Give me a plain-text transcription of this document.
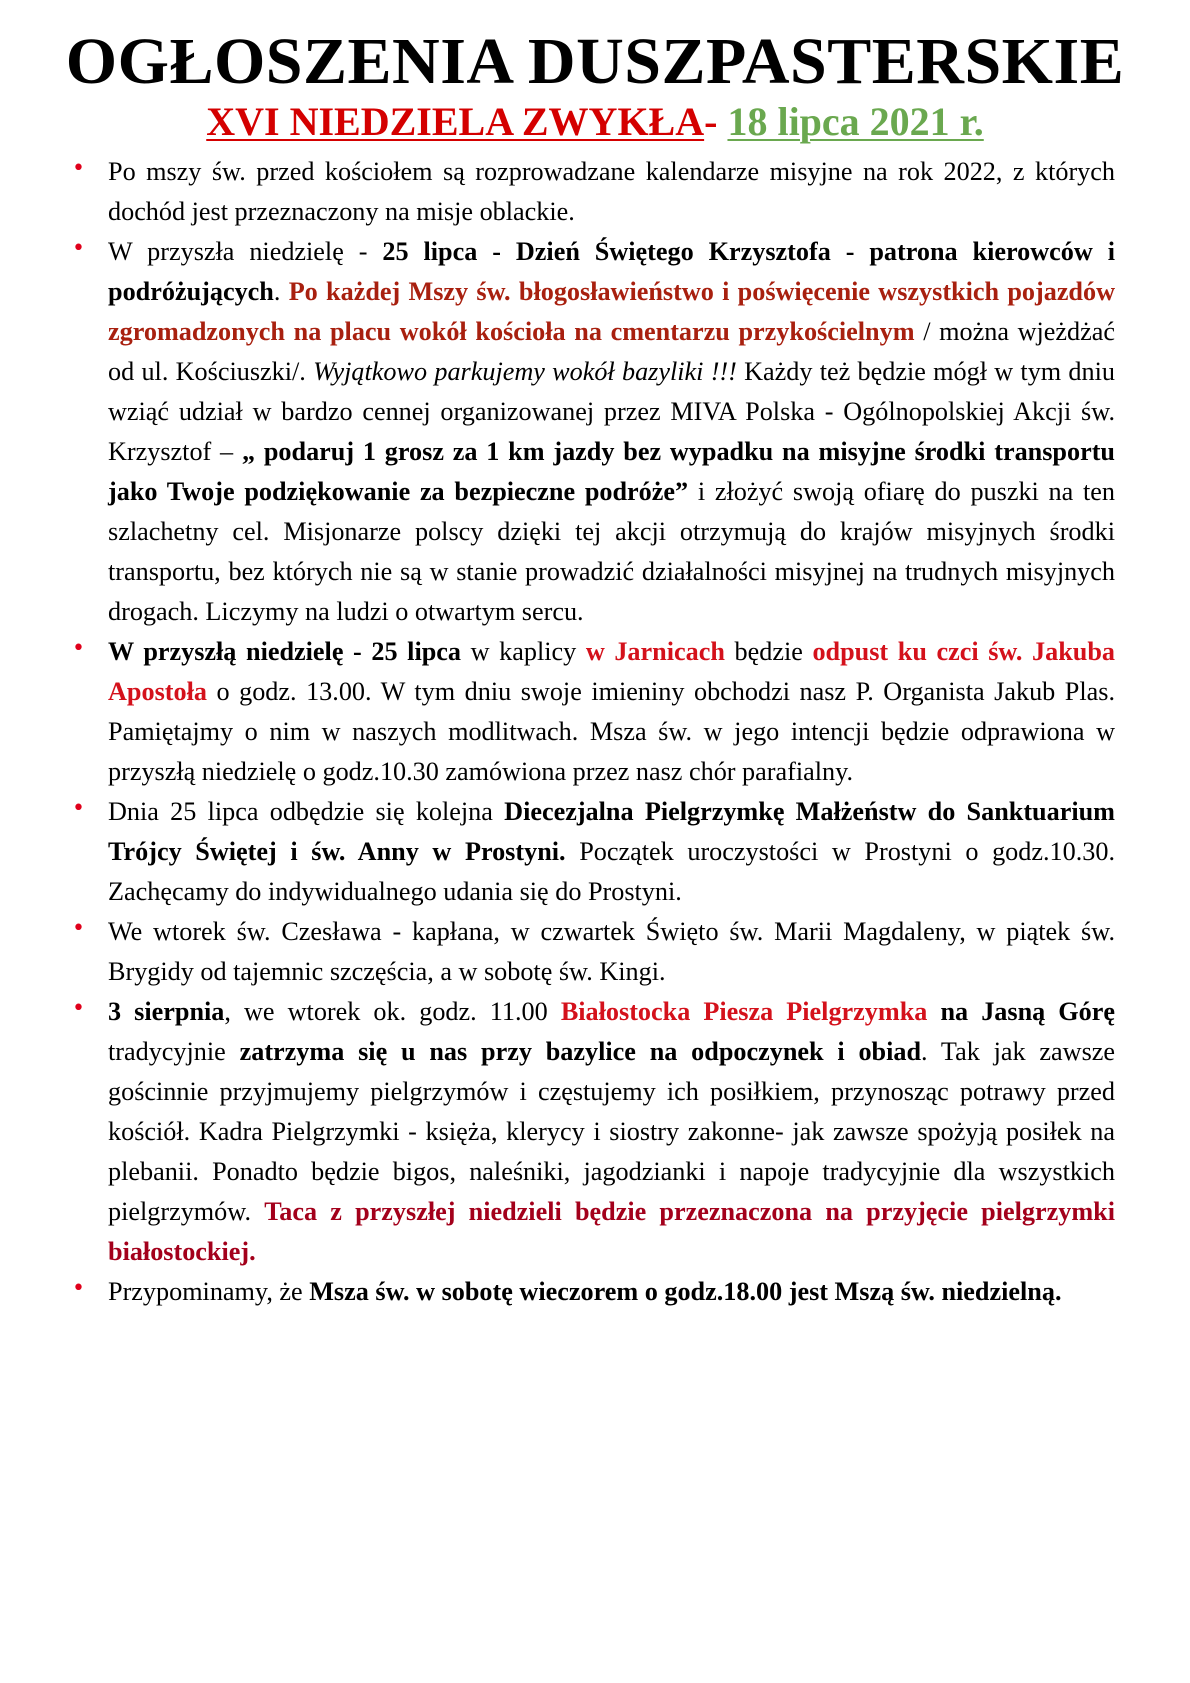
OGŁOSZENIA DUSZPASTERSKIE
XVI NIEDZIELA ZWYKŁA- 18 lipca 2021 r.
• Po mszy św. przed kościołem są rozprowadzane kalendarze misyjne na rok 2022, z których dochód jest przeznaczony na misje oblackie.
• W przyszła niedzielę - 25 lipca - Dzień Świętego Krzysztofa - patrona kierowców i podróżujących. Po każdej Mszy św. błogosławieństwo i poświęcenie wszystkich pojazdów zgromadzonych na placu wokół kościoła na cmentarzu przykościelnym / można wjeżdżać od ul. Kościuszki/. Wyjątkowo parkujemy wokół bazyliki !!! Każdy też będzie mógł w tym dniu wziąć udział w bardzo cennej organizowanej przez MIVA Polska - Ogólnopolskiej Akcji św. Krzysztof – „ podaruj 1 grosz za 1 km jazdy bez wypadku na misyjne środki transportu jako Twoje podziękowanie za bezpieczne podróże” i złożyć swoją ofiarę do puszki na ten szlachetny cel. Misjonarze polscy dzięki tej akcji otrzymują do krajów misyjnych środki transportu, bez których nie są w stanie prowadzić działalności misyjnej na trudnych misyjnych drogach. Liczymy na ludzi o otwartym sercu.
• W przyszłą niedzielę - 25 lipca w kaplicy w Jarnicach będzie odpust ku czci św. Jakuba Apostoła o godz. 13.00. W tym dniu swoje imieniny obchodzi nasz P. Organista Jakub Plas. Pamiętajmy o nim w naszych modlitwach. Msza św. w jego intencji będzie odprawiona w przyszłą niedzielę o godz.10.30 zamówiona przez nasz chór parafialny.
• Dnia 25 lipca odbędzie się kolejna Diecezjalna Pielgrzymkę Małżeństw do Sanktuarium Trójcy Świętej i św. Anny w Prostyni. Początek uroczystości w Prostyni o godz.10.30. Zachęcamy do indywidualnego udania się do Prostyni.
• We wtorek św. Czesława - kapłana, w czwartek Święto św. Marii Magdaleny, w piątek św. Brygidy od tajemnic szczęścia, a w sobotę św. Kingi.
• 3 sierpnia, we wtorek ok. godz. 11.00 Białostocka Piesza Pielgrzymka na Jasną Górę tradycyjnie zatrzyma się u nas przy bazylice na odpoczynek i obiad. Tak jak zawsze gościnnie przyjmujemy pielgrzymów i częstujemy ich posiłkiem, przynosząc potrawy przed kościół. Kadra Pielgrzymki - księża, klerycy i siostry zakonne- jak zawsze spożyją posiłek na plebanii. Ponadto będzie bigos, naleśniki, jagodzianki i napoje tradycyjnie dla wszystkich pielgrzymów. Taca z przyszłej niedzieli będzie przeznaczona na przyjęcie pielgrzymki białostockiej.
• Przypominamy, że Msza św. w sobotę wieczorem o godz.18.00 jest Mszą św. niedzielną.
